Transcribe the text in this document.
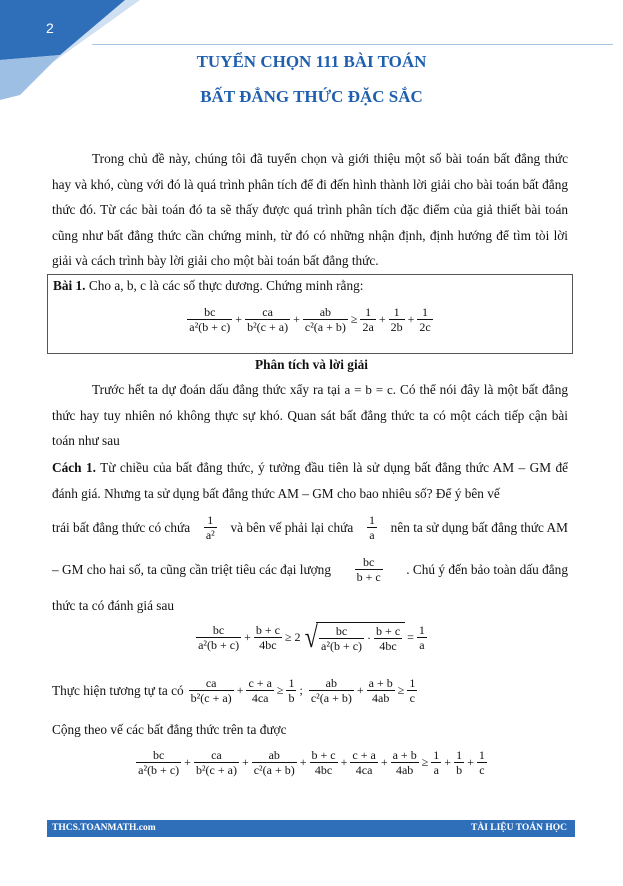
2
TUYỂN CHỌN 111 BÀI TOÁN
BẤT ĐẲNG THỨC ĐẶC SẮC
Trong chủ đề này, chúng tôi đã tuyển chọn và giới thiệu một số bài toán bất đẳng thức hay và khó, cùng với đó là quá trình phân tích để đi đến hình thành lời giải cho bài toán bất đẳng thức đó. Từ các bài toán đó ta sẽ thấy được quá trình phân tích đặc điểm của giả thiết bài toán cũng như bất đẳng thức cần chứng minh, từ đó có những nhận định, định hướng để tìm tòi lời giải và cách trình bày lời giải cho một bài toán bất đẳng thức.
Bài 1. Cho a, b, c là các số thực dương. Chứng minh rằng:
$\frac{bc}{\text{a²(b + c)}} + \frac{ca}{\text{b²(c + a)}} + \frac{ab}{\text{c²(a + b)}} \ge \frac{1}{2a} + \frac{1}{2b} + \frac{1}{2c}$
Phân tích và lời giải
Trước hết ta dự đoán dấu đẳng thức xẩy ra tại a = b = c. Có thể nói đây là một bất đẳng thức hay tuy nhiên nó không thực sự khó. Quan sát bất đẳng thức ta có một cách tiếp cận bài toán như sau
Cách 1. Từ chiều của bất đẳng thức, ý tưởng đầu tiên là sử dụng bất đẳng thức AM – GM để đánh giá. Nhưng ta sử dụng bất đẳng thức AM – GM cho bao nhiêu số? Để ý bên vế
trái bất đẳng thức có chứa $\frac{1}{\text{a²}}$ và bên vế phải lại chứa $\frac{1}{a}$ nên ta sử dụng bất đẳng thức AM
– GM cho hai số, ta cũng cần triệt tiêu các đại lượng $\frac{bc}{b + c}$ . Chú ý đến bảo toàn dấu đẳng
thức ta có đánh giá sau
$\frac{bc}{\text{a²(b + c)}} + \frac{b + c}{4bc} \ge 2$ √ $\frac{bc}{\text{a²(b + c)}} \cdot \frac{b + c}{4bc} = \frac{1}{a}$
Thực hiện tương tự ta có $\frac{ca}{\text{b²(c + a)}} + \frac{c + a}{4ca} \ge \frac{1}{b}$ ; $\frac{ab}{\text{c²(a + b)}} + \frac{a + b}{4ab} \ge \frac{1}{c}$
Cộng theo vế các bất đẳng thức trên ta được
$\frac{bc}{\text{a²(b + c)}} + \frac{ca}{\text{b²(c + a)}} + \frac{ab}{\text{c²(a + b)}} + \frac{b + c}{4bc} + \frac{c + a}{4ca} + \frac{a + b}{4ab} \ge \frac{1}{a} + \frac{1}{b} + \frac{1}{c}$
THCS.TOANMATH.com	TÀI LIỆU TOÁN HỌC
